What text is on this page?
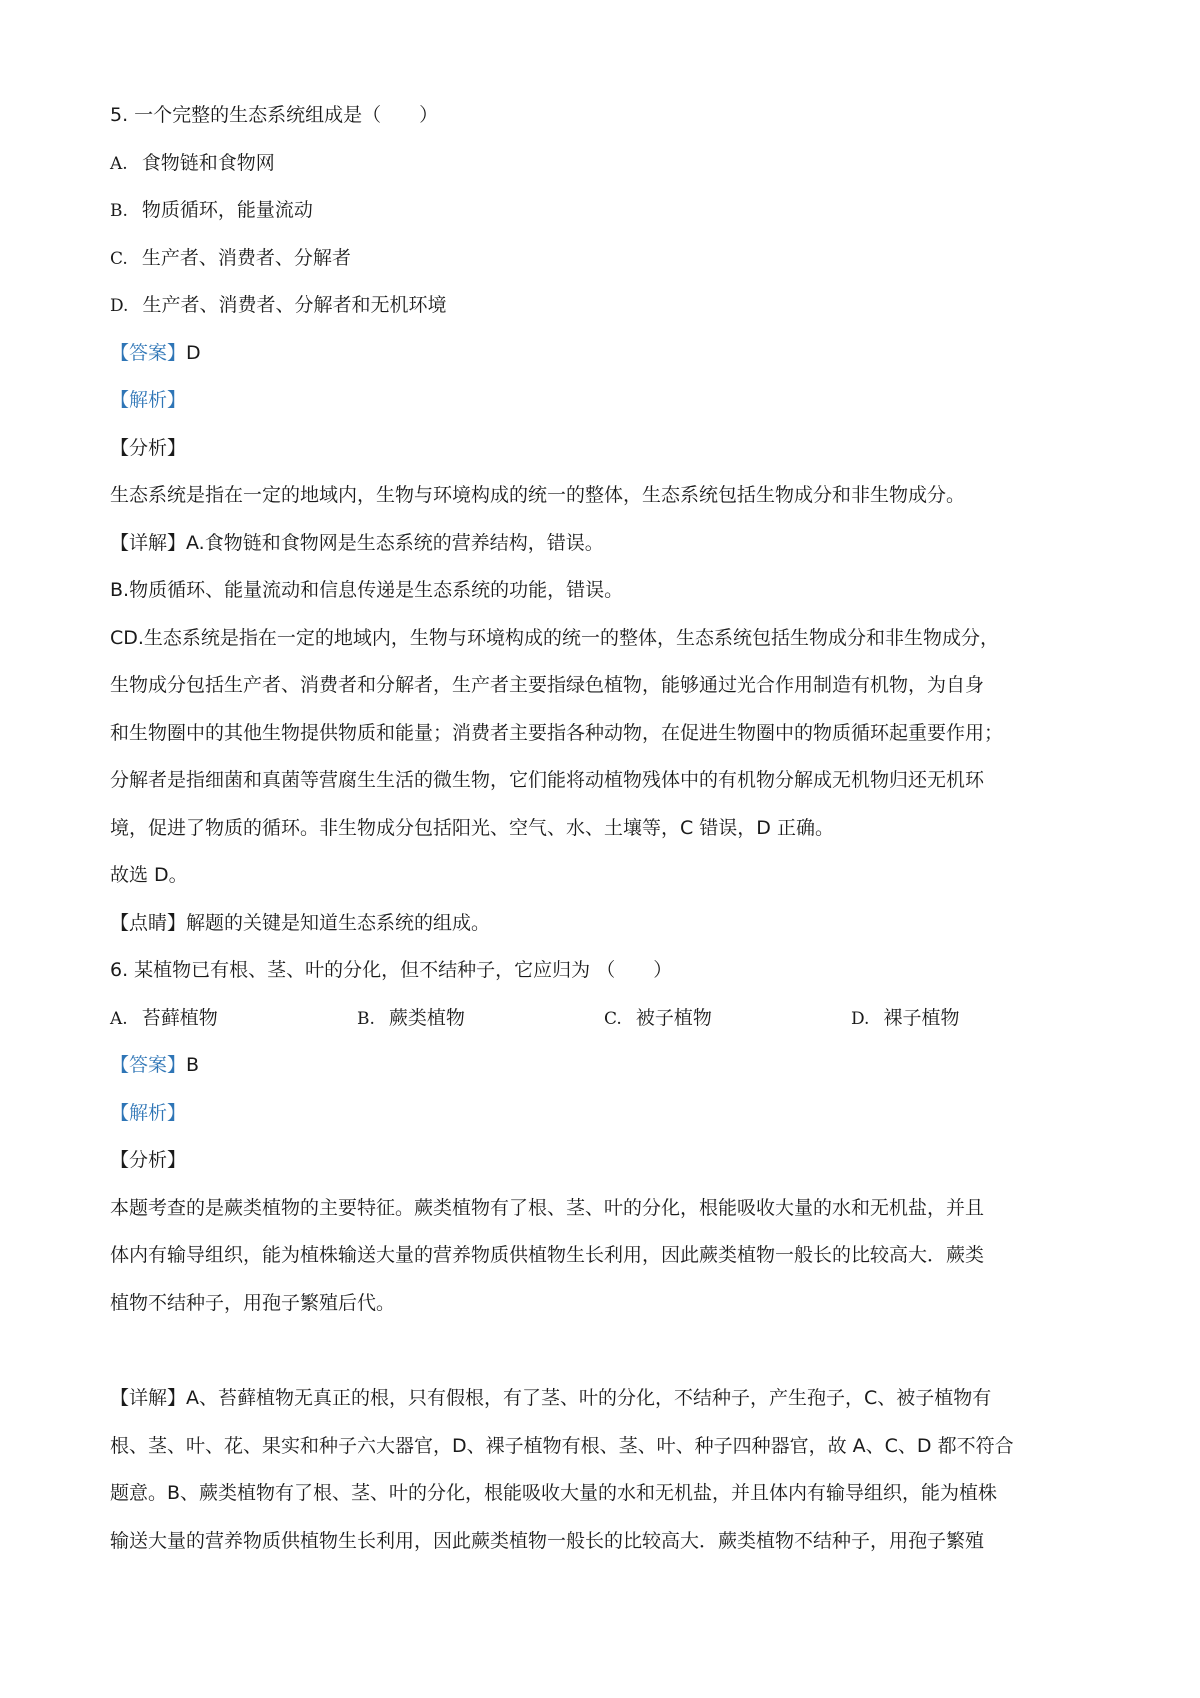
5. 一个完整的生态系统组成是（　　）
A. 食物链和食物网
B. 物质循环，能量流动
C. 生产者、消费者、分解者
D. 生产者、消费者、分解者和无机环境
【答案】D
【解析】
【分析】
生态系统是指在一定的地域内，生物与环境构成的统一的整体，生态系统包括生物成分和非生物成分。
【详解】A.食物链和食物网是生态系统的营养结构，错误。
B.物质循环、能量流动和信息传递是生态系统的功能，错误。
CD.生态系统是指在一定的地域内，生物与环境构成的统一的整体，生态系统包括生物成分和非生物成分，
生物成分包括生产者、消费者和分解者，生产者主要指绿色植物，能够通过光合作用制造有机物，为自身
和生物圈中的其他生物提供物质和能量；消费者主要指各种动物，在促进生物圈中的物质循环起重要作用；
分解者是指细菌和真菌等营腐生生活的微生物，它们能将动植物残体中的有机物分解成无机物归还无机环
境，促进了物质的循环。非生物成分包括阳光、空气、水、土壤等，C 错误，D 正确。
故选 D。
【点睛】解题的关键是知道生态系统的组成。
6. 某植物已有根、茎、叶的分化，但不结种子，它应归为 （　　）
A. 苔藓植物	B. 蕨类植物	C. 被子植物	D. 裸子植物
【答案】B
【解析】
【分析】
本题考查的是蕨类植物的主要特征。蕨类植物有了根、茎、叶的分化，根能吸收大量的水和无机盐，并且
体内有输导组织，能为植株输送大量的营养物质供植物生长利用，因此蕨类植物一般长的比较高大．蕨类
植物不结种子，用孢子繁殖后代。
【详解】A、苔藓植物无真正的根，只有假根，有了茎、叶的分化，不结种子，产生孢子，C、被子植物有
根、茎、叶、花、果实和种子六大器官，D、裸子植物有根、茎、叶、种子四种器官，故 A、C、D 都不符合
题意。B、蕨类植物有了根、茎、叶的分化，根能吸收大量的水和无机盐，并且体内有输导组织，能为植株
输送大量的营养物质供植物生长利用，因此蕨类植物一般长的比较高大．蕨类植物不结种子，用孢子繁殖
